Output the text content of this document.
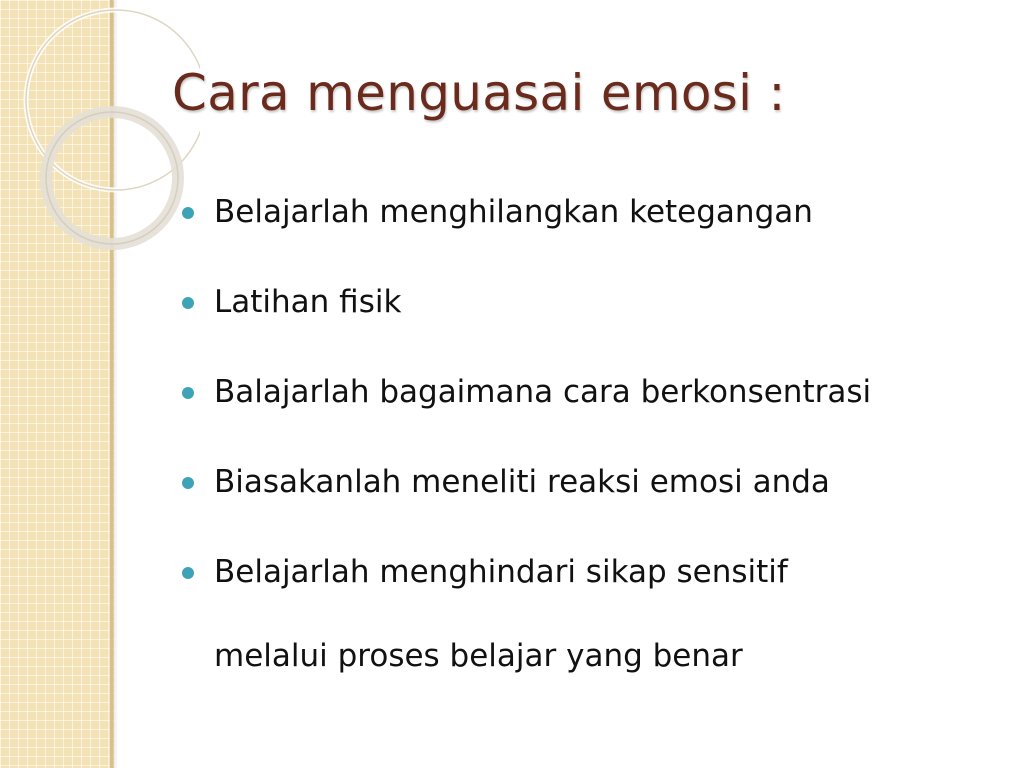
Cara menguasai emosi :
Belajarlah menghilangkan ketegangan
Latihan fisik
Balajarlah bagaimana cara berkonsentrasi
Biasakanlah meneliti reaksi emosi anda
Belajarlah menghindari sikap sensitif melalui proses belajar yang benar
